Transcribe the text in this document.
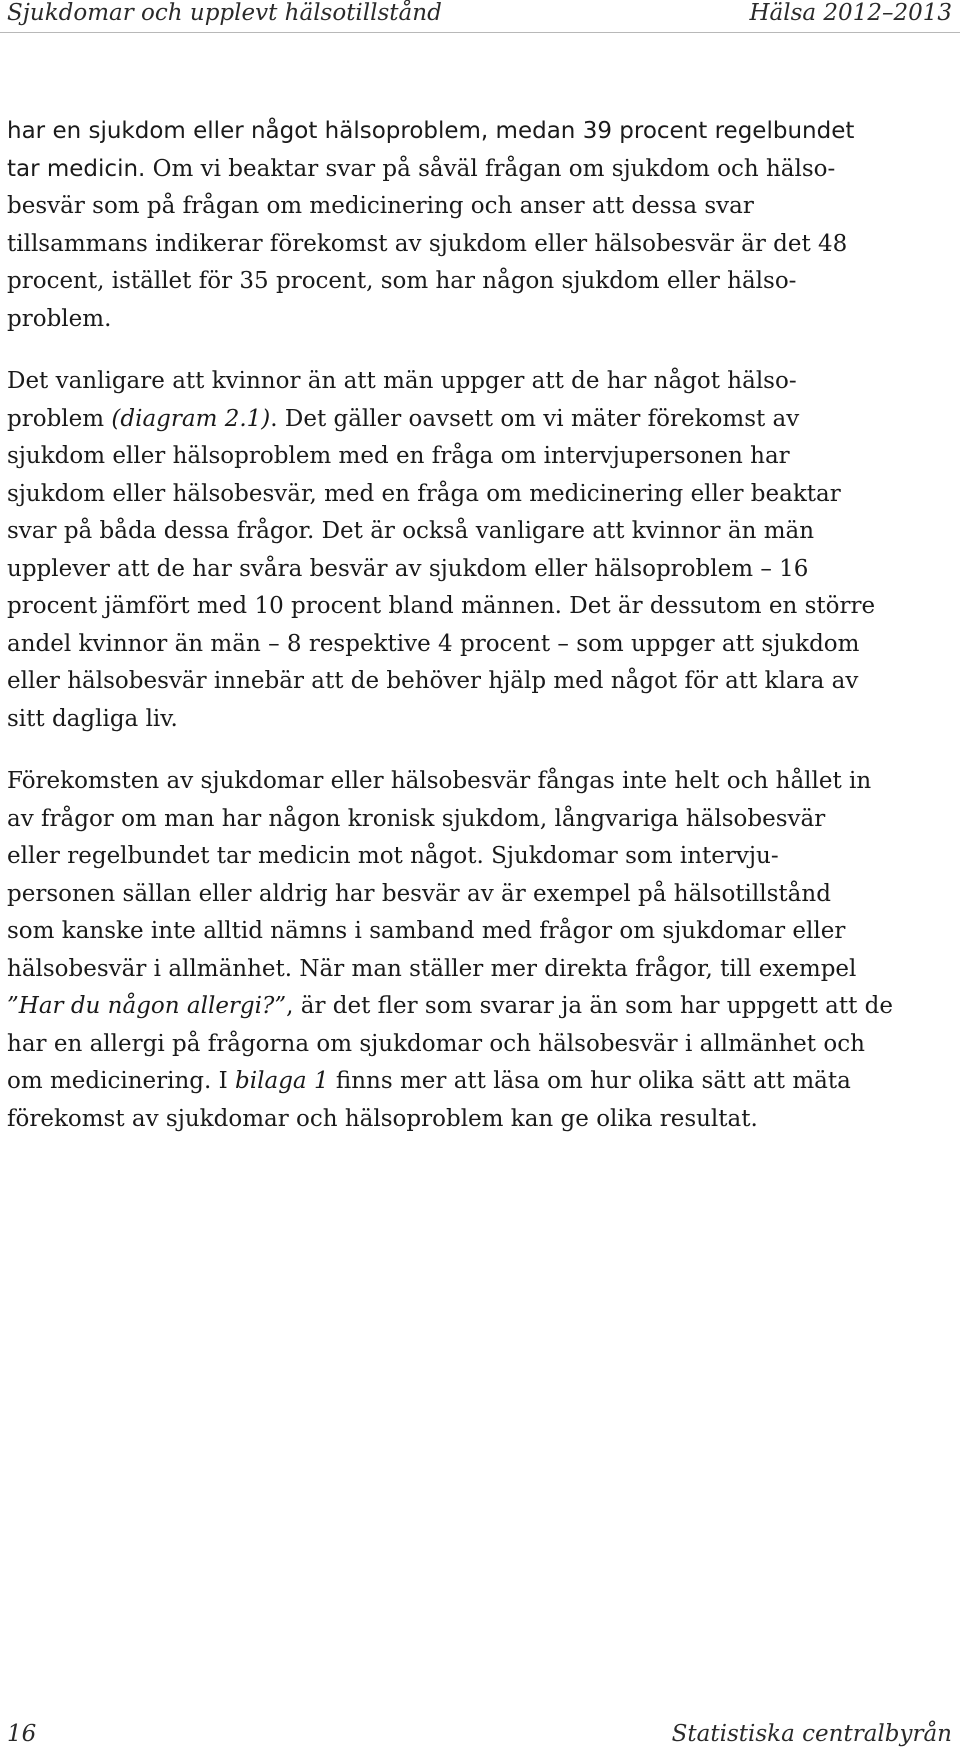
Sjukdomar och upplevt hälsotillstånd	Hälsa 2012–2013

har en sjukdom eller något hälsoproblem, medan 39 procent regelbundet
tar medicin. Om vi beaktar svar på såväl frågan om sjukdom och hälso-
besvär som på frågan om medicinering och anser att dessa svar
tillsammans indikerar förekomst av sjukdom eller hälsobesvär är det 48
procent, istället för 35 procent, som har någon sjukdom eller hälso-
problem.

Det vanligare att kvinnor än att män uppger att de har något hälso-
problem (diagram 2.1). Det gäller oavsett om vi mäter förekomst av
sjukdom eller hälsoproblem med en fråga om intervjupersonen har
sjukdom eller hälsobesvär, med en fråga om medicinering eller beaktar
svar på båda dessa frågor. Det är också vanligare att kvinnor än män
upplever att de har svåra besvär av sjukdom eller hälsoproblem – 16
procent jämfört med 10 procent bland männen. Det är dessutom en större
andel kvinnor än män – 8 respektive 4 procent – som uppger att sjukdom
eller hälsobesvär innebär att de behöver hjälp med något för att klara av
sitt dagliga liv.

Förekomsten av sjukdomar eller hälsobesvär fångas inte helt och hållet in
av frågor om man har någon kronisk sjukdom, långvariga hälsobesvär
eller regelbundet tar medicin mot något. Sjukdomar som intervju-
personen sällan eller aldrig har besvär av är exempel på hälsotillstånd
som kanske inte alltid nämns i samband med frågor om sjukdomar eller
hälsobesvär i allmänhet. När man ställer mer direkta frågor, till exempel
”Har du någon allergi?”, är det fler som svarar ja än som har uppgett att de
har en allergi på frågorna om sjukdomar och hälsobesvär i allmänhet och
om medicinering. I bilaga 1 finns mer att läsa om hur olika sätt att mäta
förekomst av sjukdomar och hälsoproblem kan ge olika resultat.

16	Statistiska centralbyrån
